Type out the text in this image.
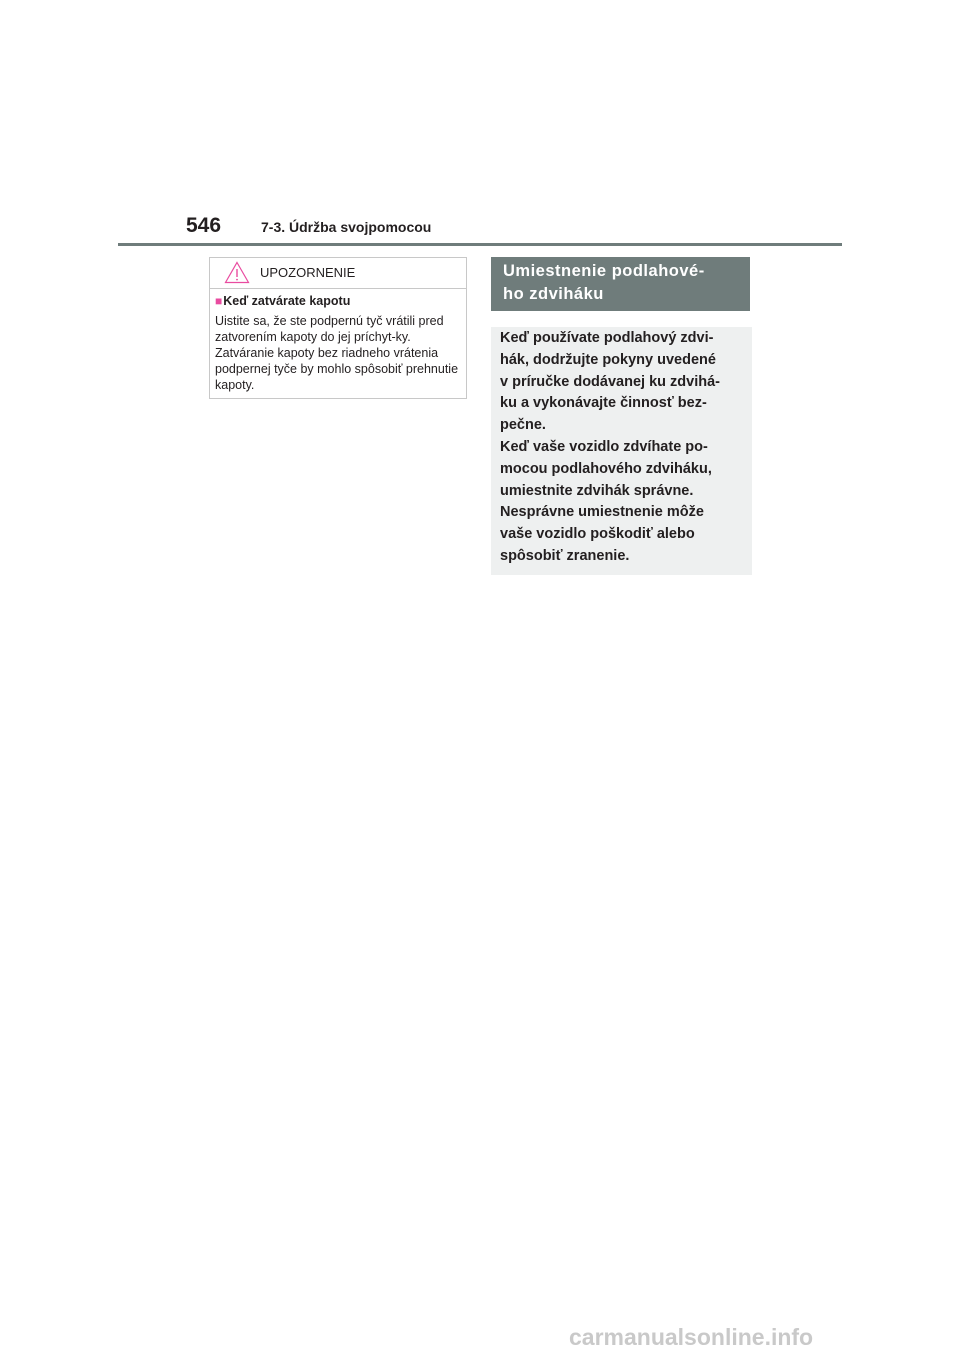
546	7-3. Údržba svojpomocou
UPOZORNENIE
■Keď zatvárate kapotu
Uistite sa, že ste podpernú tyč vrátili pred zatvorením kapoty do jej príchyt-ky. Zatváranie kapoty bez riadneho vrátenia podpernej tyče by mohlo spôsobiť prehnutie kapoty.
Umiestnenie podlahové-
ho zdviháku
Keď používate podlahový zdvi-
hák, dodržujte pokyny uvedené
v príručke dodávanej ku zdvihá-
ku a vykonávajte činnosť bez-
pečne.
Keď vaše vozidlo zdvíhate po-
mocou podlahového zdviháku,
umiestnite zdvihák správne.
Nesprávne umiestnenie môže
vaše vozidlo poškodiť alebo
spôsobiť zranenie.
carmanualsonline.info
